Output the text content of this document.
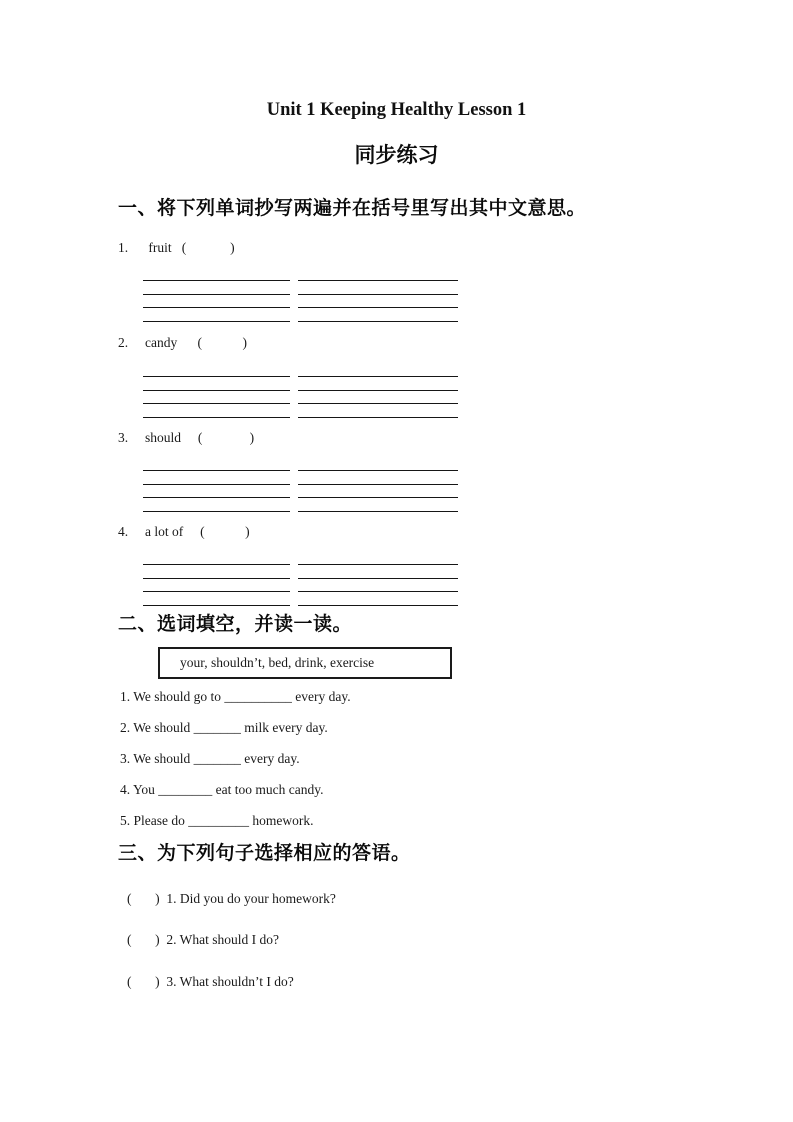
Unit 1 Keeping Healthy Lesson 1
同步练习
一、将下列单词抄写两遍并在括号里写出其中文意思。
1.      fruit   (             )
2.     candy      (            )
3.     should     (              )
4.     a lot of     (            )
二、选词填空，并读一读。
your, shouldn’t, bed, drink, exercise
1. We should go to __________ every day.
2. We should _______ milk every day.
3. We should _______ every day.
4. You ________ eat too much candy.
5. Please do _________ homework.
三、为下列句子选择相应的答语。
(       )  1. Did you do your homework?
(       )  2. What should I do?
(       )  3. What shouldn’t I do?
